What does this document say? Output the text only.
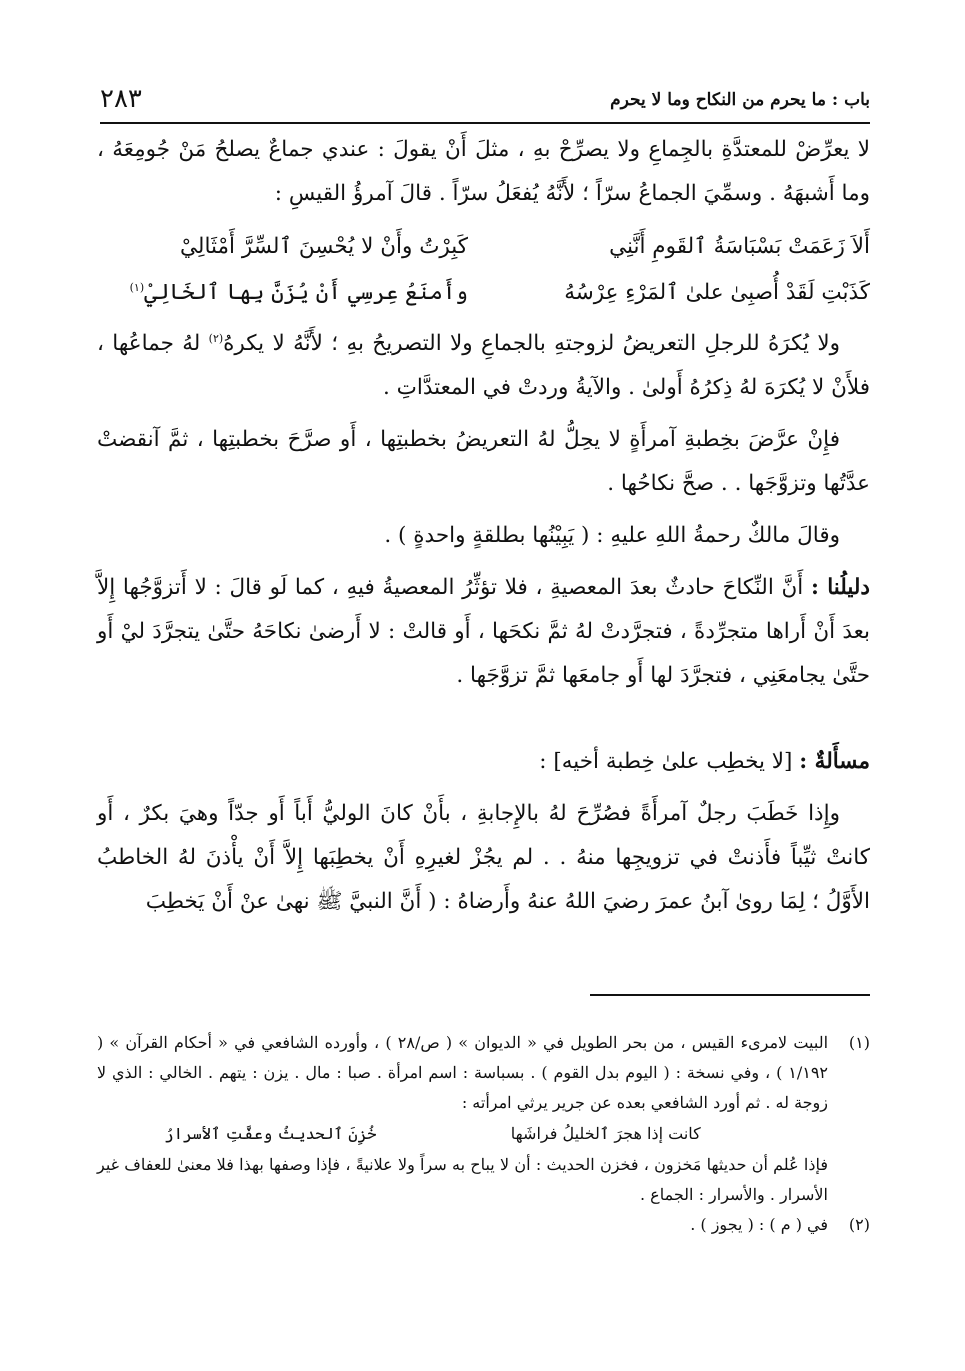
باب : ما يحرم من النكاح وما لا يحرم
٢٨٣

لا يعرِّضْ للمعتدَّةِ بالجِماعِ ولا يصرِّحْ بهِ ، مثلَ أَنْ يقولَ : عندي جماعٌ يصلحُ مَنْ جُومِعَهُ ، وما أَشبهَهُ . وسمِّيَ الجماعُ سرّاً ؛ لأَنَّهُ يُفعَلُ سرّاً . قالَ آمرؤُ القيسِ :

أَلاَ زَعَمَتْ بَسْبَاسَةُ ٱلقَومِ أَنَّنِي
كَبِرْتُ وأَنْ لا يُحْسِنَ ٱلسِّرَّ أَمْثَالِيْ
كَذَبْتِ لَقَدْ أُصبِىٰ علىٰ ٱلمَرْءِ عِرْسُهُ
وأَمنَعُ عِرسِي أَنْ يُزَنَّ بِها ٱلخَالِيْ$^{(١)}$

ولا يُكرَهُ للرجلِ التعريضُ لزوجتهِ بالجماعِ ولا التصريحُ بهِ ؛ لأَنَّهُ لا يكرهُ$^{(٢)}$ لهُ جماعُها ، فلأَنْ لا يُكرَهَ لهُ ذِكرُهُ أَولىٰ . والآيةُ وردتْ في المعتدَّاتِ .

فإِنْ عرَّضَ بخِطبةِ آمرأَةٍ لا يحِلُّ لهُ التعريضُ بخطبتِها ، أَو صرَّحَ بخطبتِها ، ثمَّ آنقضتْ عدَّتُها وتزوَّجَها . . صحَّ نكاحُها .

وقالَ مالكٌ رحمةُ اللهِ عليهِ : ( يَبِيْنُها بطلقةٍ واحدةٍ ) .

دليلُنا : أَنَّ النِّكاحَ حادثٌ بعدَ المعصيةِ ، فلا تؤثِّرُ المعصيةُ فيهِ ، كما لَو قالَ : لا أَتزوَّجُها إِلاَّ بعدَ أَنْ أَراها متجرِّدةً ، فتجرَّدتْ لهُ ثمَّ نكحَها ، أَو قالتْ : لا أَرضىٰ نكاحَهُ حتَّىٰ يتجرَّدَ ليْ أَو حتَّىٰ يجامعَنِي ، فتجرَّدَ لها أَو جامعَها ثمَّ تزوَّجَها .

مسأَلةٌ : [لا يخطِب علىٰ خِطبة أخيه] :

وإِذا خَطَبَ رجلٌ آمرأَةً فصُرِّحَ لهُ بالإِجابةِ ، بأَنْ كانَ الوليُّ أَباً أَو جدّاً وهيَ بكرٌ ، أَو كانتْ ثيِّباً فأَذنتْ في تزويجِها منهُ . . لم يجُزْ لغيرِهِ أَنْ يخطِبَها إِلاَّ أَنْ يأْذنَ لهُ الخاطبُ الأَوَّلُ ؛ لِمَا روىٰ آبنُ عمرَ رضيَ اللهُ عنهُ وأَرضاهُ : ( أَنَّ النبيَّ ﷺ نهىٰ عنْ أَنْ يَخطِبَ

(١)
البيت لامرىء القيس ، من بحر الطويل في « الديوان » ( ص/٢٨ ) ، وأورده الشافعي في « أحكام القرآن » ( ١/١٩٢ ) ، وفي نسخة : ( اليوم بدل القوم ) . بسباسة : اسم امرأة . صبا : مال . يزن : يتهم . الخالي : الذي لا زوجة له . ثم أورد الشافعي بعده عن جرير يرثي امرأته :
كانت إذا هجرَ ٱلخليلُ فراشَها
خُزِنَ ٱلحديثُ وعفَّتِ ٱلأسرارُ
فإذا عُلم أن حديثها مَخزون ، فخزن الحديث : أن لا يباح به سراً ولا علانيةً ، فإذا وصفها بهذا فلا معنىٰ للعفاف غير الأسرار . والأسرار : الجماع .
(٢)
في ( م ) : ( يجوز ) .
